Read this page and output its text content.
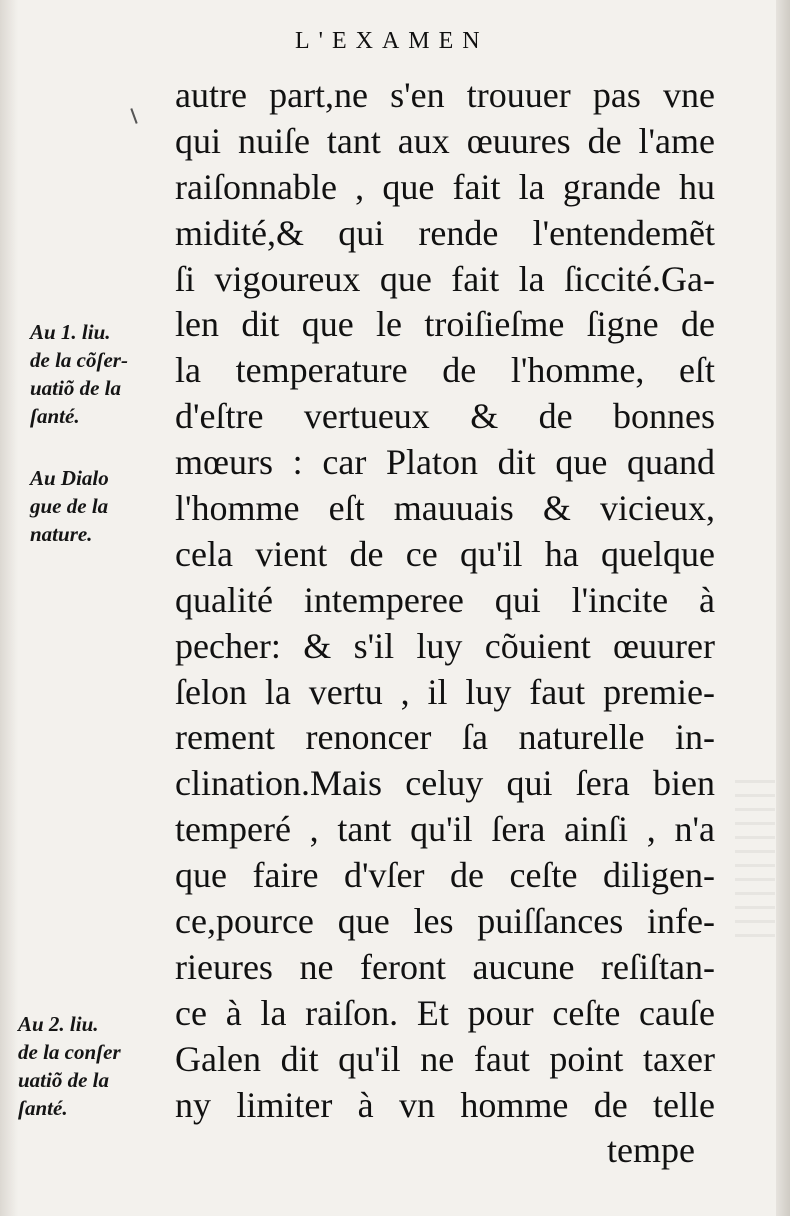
L'EXAMEN
autre part,ne s'en trouuer pas vne
qui nuiſe tant aux œuures de l'ame
raiſonnable , que fait la grande hu
midité,& qui rende l'entendemẽt
ſi vigoureux que fait la ſiccité.Ga-
len dit que le troiſieſme ſigne de
la temperature de l'homme, eſt
d'eſtre vertueux & de bonnes
mœurs : car Platon dit que quand
l'homme eſt mauuais & vicieux,
cela vient de ce qu'il ha quelque
qualité intemperee qui l'incite à
pecher: & s'il luy cõuient œuurer
ſelon la vertu , il luy faut premie-
rement renoncer ſa naturelle in-
clination.Mais celuy qui ſera bien
temperé , tant qu'il ſera ainſi , n'a
que faire d'vſer de ceſte diligen-
ce,pource que les puiſſances infe-
rieures ne feront aucune reſiſtan-
ce à la raiſon. Et pour ceſte cauſe
Galen dit qu'il ne faut point taxer
ny limiter à vn homme de telle
tempe
Au 1. liu.
de la cõſer-
uatiõ de la
ſanté.
Au Dialo
gue de la
nature.
Au 2. liu.
de la conſer
uatiõ de la
ſanté.
